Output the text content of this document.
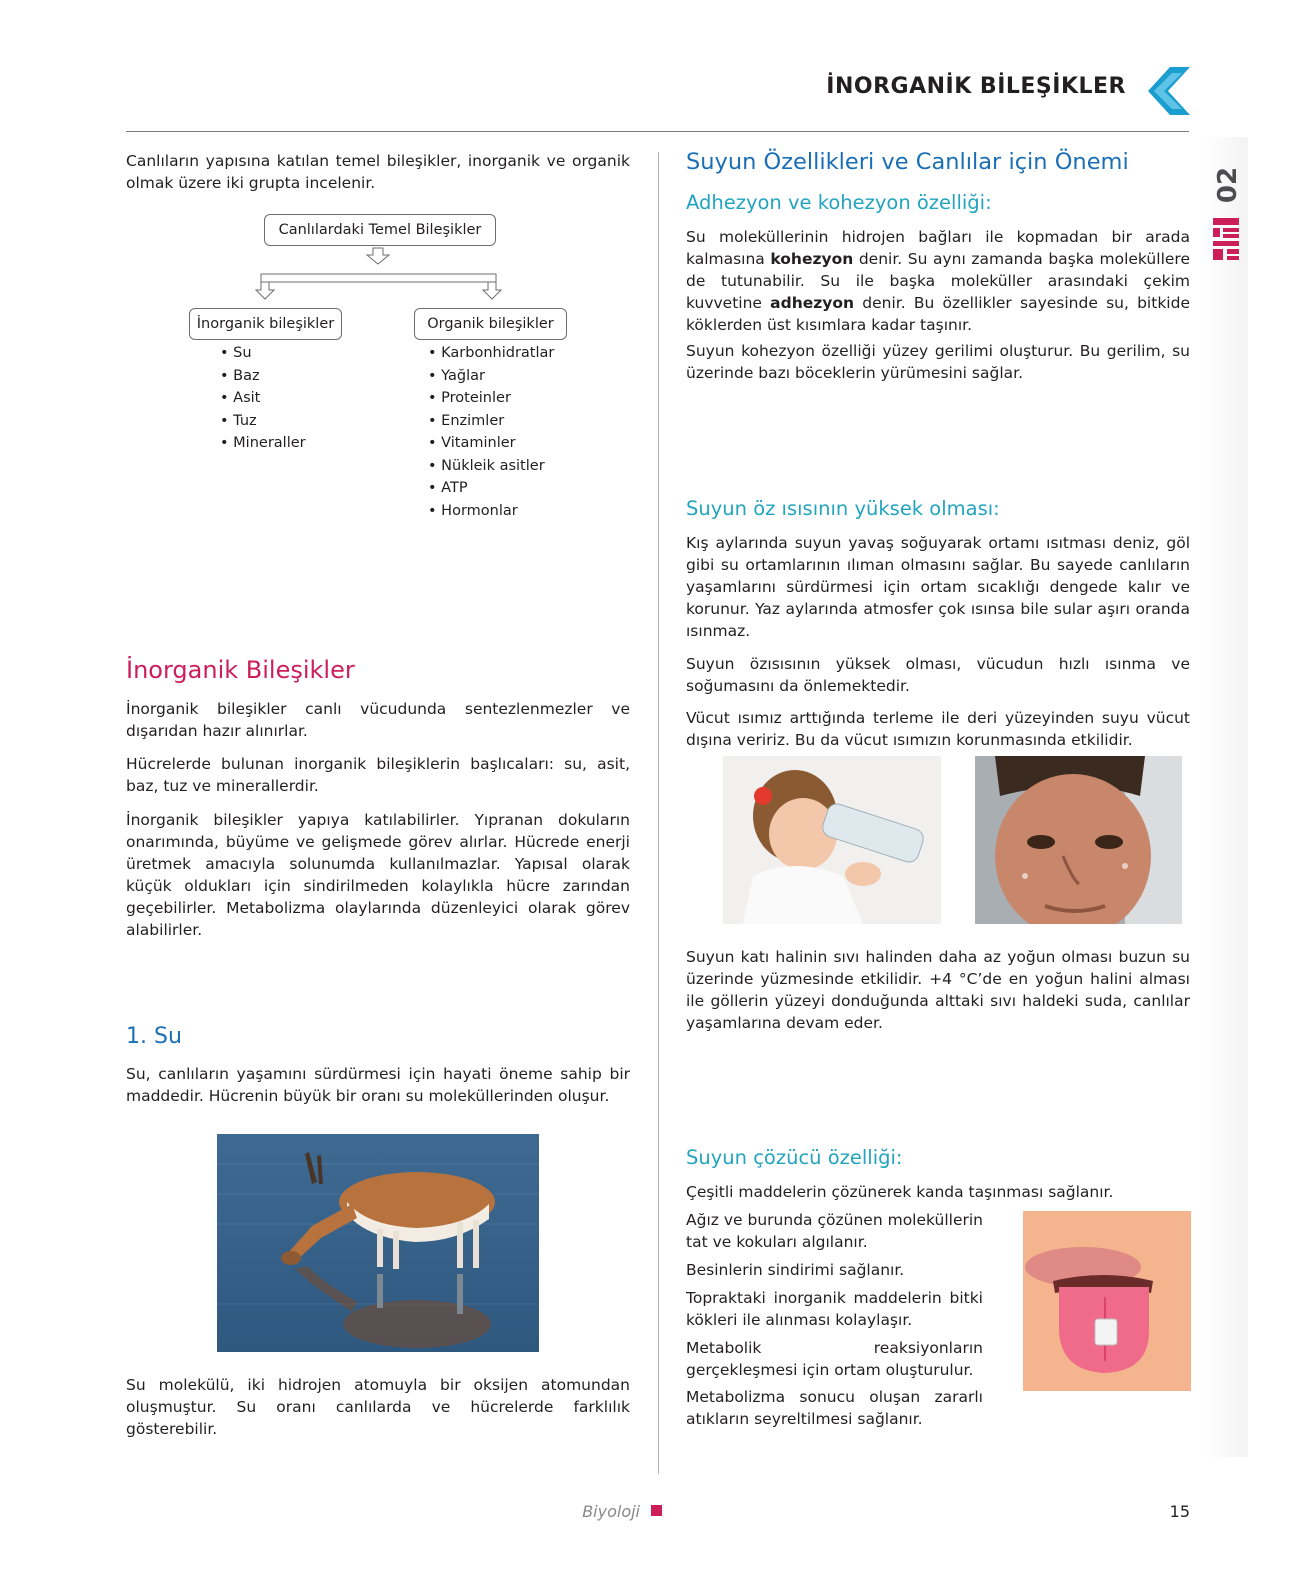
İNORGANİK BİLEŞİKLER
02

Canlıların yapısına katılan temel bileşikler, inorganik ve organik olmak üzere iki grupta incelenir.

Canlılardaki Temel Bileşikler
İnorganik bileşikler	Organik bileşikler
• Su
• Baz
• Asit
• Tuz
• Mineraller
• Karbonhidratlar
• Yağlar
• Proteinler
• Enzimler
• Vitaminler
• Nükleik asitler
• ATP
• Hormonlar
İnorganik Bileşikler

İnorganik bileşikler canlı vücudunda sentezlenmezler ve dışarıdan hazır alınırlar.

Hücrelerde bulunan inorganik bileşiklerin başlıcaları: su, asit, baz, tuz ve minerallerdir.

İnorganik bileşikler yapıya katılabilirler. Yıpranan dokuların onarımında, büyüme ve gelişmede görev alırlar. Hücrede enerji üretmek amacıyla solunumda kullanılmazlar. Yapısal olarak küçük oldukları için sindirilmeden kolaylıkla hücre zarından geçebilirler. Metabolizma olaylarında düzenleyici olarak görev alabilirler.

1. Su

Su, canlıların yaşamını sürdürmesi için hayati öneme sahip bir maddedir. Hücrenin büyük bir oranı su moleküllerinden oluşur.

Su molekülü, iki hidrojen atomuyla bir oksijen atomundan oluşmuştur. Su oranı canlılarda ve hücrelerde farklılık gösterebilir.

Suyun Özellikleri ve Canlılar için Önemi
Adhezyon ve kohezyon özelliği:

Su moleküllerinin hidrojen bağları ile kopmadan bir arada kalmasına kohezyon denir. Su aynı zamanda başka moleküllere de tutunabilir. Su ile başka moleküller arasındaki çekim kuvvetine adhezyon denir. Bu özellikler sayesinde su, bitkide köklerden üst kısımlara kadar taşınır.

Suyun kohezyon özelliği yüzey gerilimi oluşturur. Bu gerilim, su üzerinde bazı böceklerin yürümesini sağlar.

Suyun öz ısısının yüksek olması:

Kış aylarında suyun yavaş soğuyarak ortamı ısıtması deniz, göl gibi su ortamlarının ılıman olmasını sağlar. Bu sayede canlıların yaşamlarını sürdürmesi için ortam sıcaklığı dengede kalır ve korunur. Yaz aylarında atmosfer çok ısınsa bile sular aşırı oranda ısınmaz.

Suyun özısısının yüksek olması, vücudun hızlı ısınma ve soğumasını da önlemektedir.

Vücut ısımız arttığında terleme ile deri yüzeyinden suyu vücut dışına veririz. Bu da vücut ısımızın korunmasında etkilidir.

Suyun katı halinin sıvı halinden daha az yoğun olması buzun su üzerinde yüzmesinde etkilidir. +4 °C’de en yoğun halini alması ile göllerin yüzeyi donduğunda alttaki sıvı haldeki suda, canlılar yaşamlarına devam eder.

Suyun çözücü özelliği:

Çeşitli maddelerin çözünerek kanda taşınması sağlanır.

Ağız ve burunda çözünen moleküllerin tat ve kokuları algılanır.

Besinlerin sindirimi sağlanır.

Topraktaki inorganik maddelerin bitki kökleri ile alınması kolaylaşır.

Metabolik reaksiyonların gerçekleşmesi için ortam oluşturulur.

Metabolizma sonucu oluşan zararlı atıkların seyreltilmesi sağlanır.

Biyoloji	15
